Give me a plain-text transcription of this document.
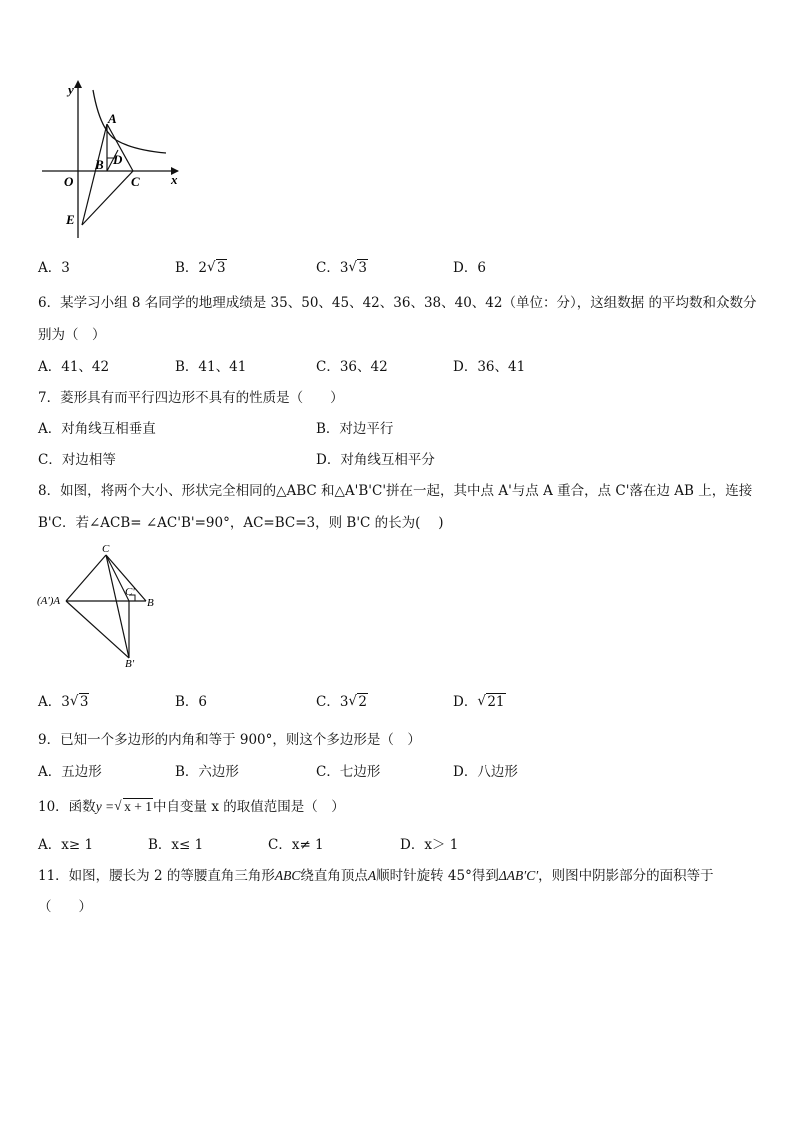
y
x
A
B D
O	C
E
A．3	B．2 √ 3	C．3 √ 3	D．6
6．某学习小组 8 名同学的地理成绩是 35、50、45、42、36、38、40、42（单位：分），这组数据 的平均数和众数分
别为（　）
A．41、42	B．41、41	C．36、42	D．36、41
7．菱形具有而平行四边形不具有的性质是（　　）
A．对角线互相垂直	B．对边平行
C．对边相等	D．对角线互相平分
8．如图，将两个大小、形状完全相同的△ABC 和△A'B'C'拼在一起，其中点 A'与点 A 重合，点 C'落在边 AB 上，连接
B'C．若∠ACB= ∠AC'B'=90°，AC=BC=3，则 B'C 的长为(　 )
C
(A')A
C'
B
B'
A．3 √ 3	B．6	C．3 √ 2	D． √ 21
9．已知一个多边形的内角和等于 900°，则这个多边形是（　）
A．五边形	B．六边形	C．七边形	D．八边形
10．函数y = √ x + 1中自变量 x 的取值范围是（　）
A．x≥ 1	B．x≤ 1	C．x≠ 1	D．x＞ 1
11．如图，腰长为 2 的等腰直角三角形ABC绕直角顶点A顺时针旋转 45°得到ΔAB′C′，则图中阴影部分的面积等于
（　　）
